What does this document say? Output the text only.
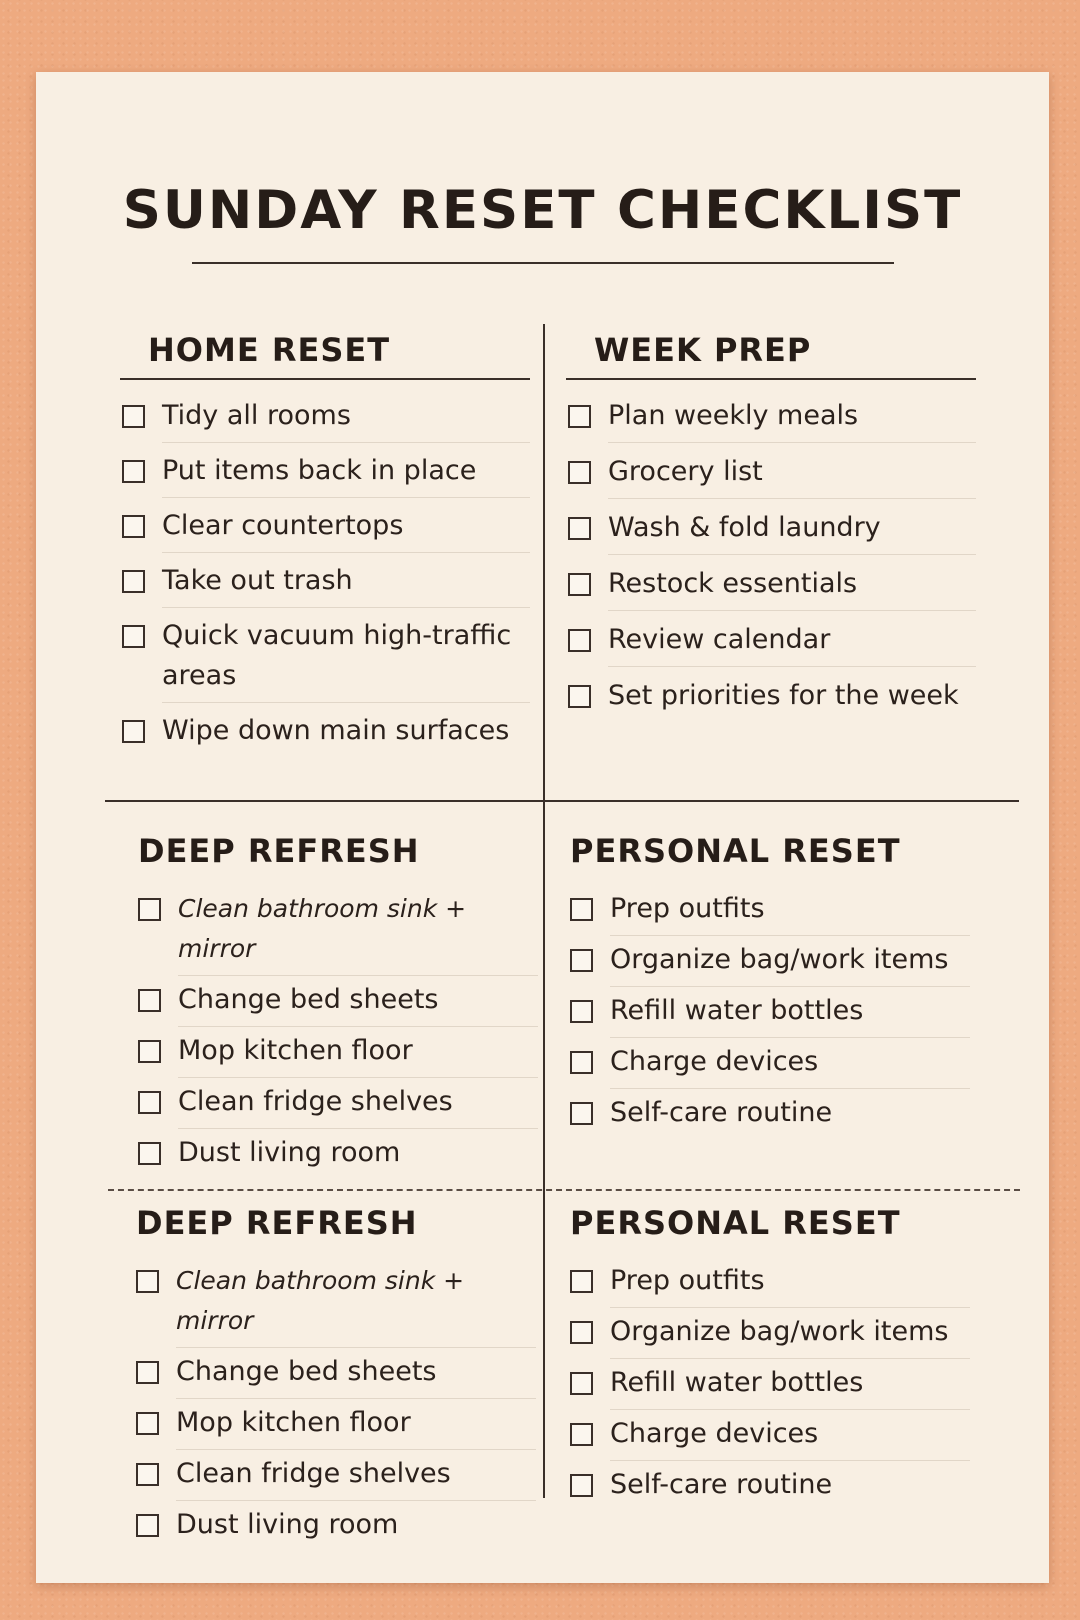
SUNDAY RESET CHECKLIST
HOME RESET
Tidy all rooms
Put items back in place
Clear countertops
Take out trash
Quick vacuum high-traffic areas
Wipe down main surfaces
WEEK PREP
Plan weekly meals
Grocery list
Wash & fold laundry
Restock essentials
Review calendar
Set priorities for the week
DEEP REFRESH
Clean bathroom sink + mirror
Change bed sheets
Mop kitchen floor
Clean fridge shelves
Dust living room
PERSONAL RESET
Prep outfits
Organize bag/work items
Refill water bottles
Charge devices
Self-care routine
DEEP REFRESH
Clean bathroom sink + mirror
Change bed sheets
Mop kitchen floor
Clean fridge shelves
Dust living room
PERSONAL RESET
Prep outfits
Organize bag/work items
Refill water bottles
Charge devices
Self-care routine
